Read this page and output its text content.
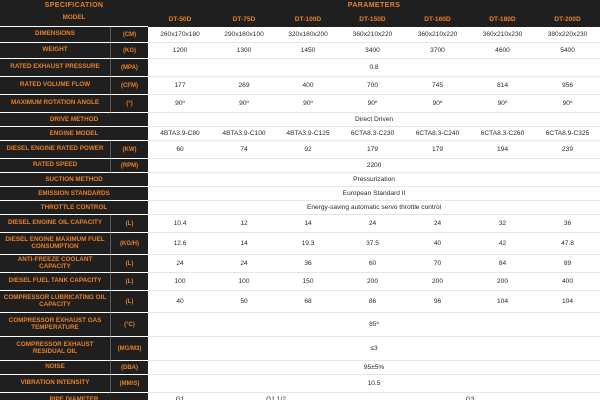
SPECIFICATION		PARAMETERS						
MODEL		DT-50D	DT-75D	DT-100D	DT-150D	DT-160D	DT-180D	DT-200D
DIMENSIONS	(CM)	260x170x180	290x180x100	320x180x200	360x210x220	360x210x220	360x210x230	380x220x230
WEIGHT	(KG)	1200	1300	1450	3400	3700	4600	5400
RATED EXHAUST PRESSURE	(MPA)	0.8						
RATED VOLUME FLOW	(CFM)	177	269	400	700	745	814	956
MAXIMUM ROTATION ANGLE	(°)	90º	90º	90º	90º	90º	90º	90º
DRIVE METHOD		Direct Driven						
ENGINE MODEL		4BTA3.9-C80	4BTA3.9-C100	4BTA3.9-C125	6CTA8.3-C230	6CTA8.3-C240	6CTA8.3-C260	6CTA8.9-C325
DIESEL ENGINE RATED POWER	(KW)	60	74	92	179	179	194	239
RATED SPEED	(RPM)	2200						
SUCTION METHOD		Pressurization						
EMISSION STANDARDS		European Standard II						
THROTTLE CONTROL		Energy-saving automatic servo throttle control						
DIESEL ENGINE OIL CAPACITY	(L)	10.4	12	14	24	24	32	36
DIESEL ENGINE MAXIMUM FUEL CONSUMPTION	(KG/H)	12.6	14	19.3	37.5	40	42	47.8
ANTI-FREEZE COOLANT CAPACITY	(L)	24	24	36	60	70	84	89
DIESEL FUEL TANK CAPACITY	(L)	100	100	150	200	200	200	400
COMPRESSOR LUBRICATING OIL CAPACITY	(L)	40	50	68	86	96	104	104
COMPRESSOR EXHAUST GAS TEMPERATURE	(°C)	85º						
COMPRESSOR EXHAUST RESIDUAL OIL	(MG/M3)	≤3						
NOISE	(DBA)	95±5%						
VIBRATION INTENSITY	(MM/S)	10.5						
PIPE DIAMETER		G1	G1 1/2		G3			
